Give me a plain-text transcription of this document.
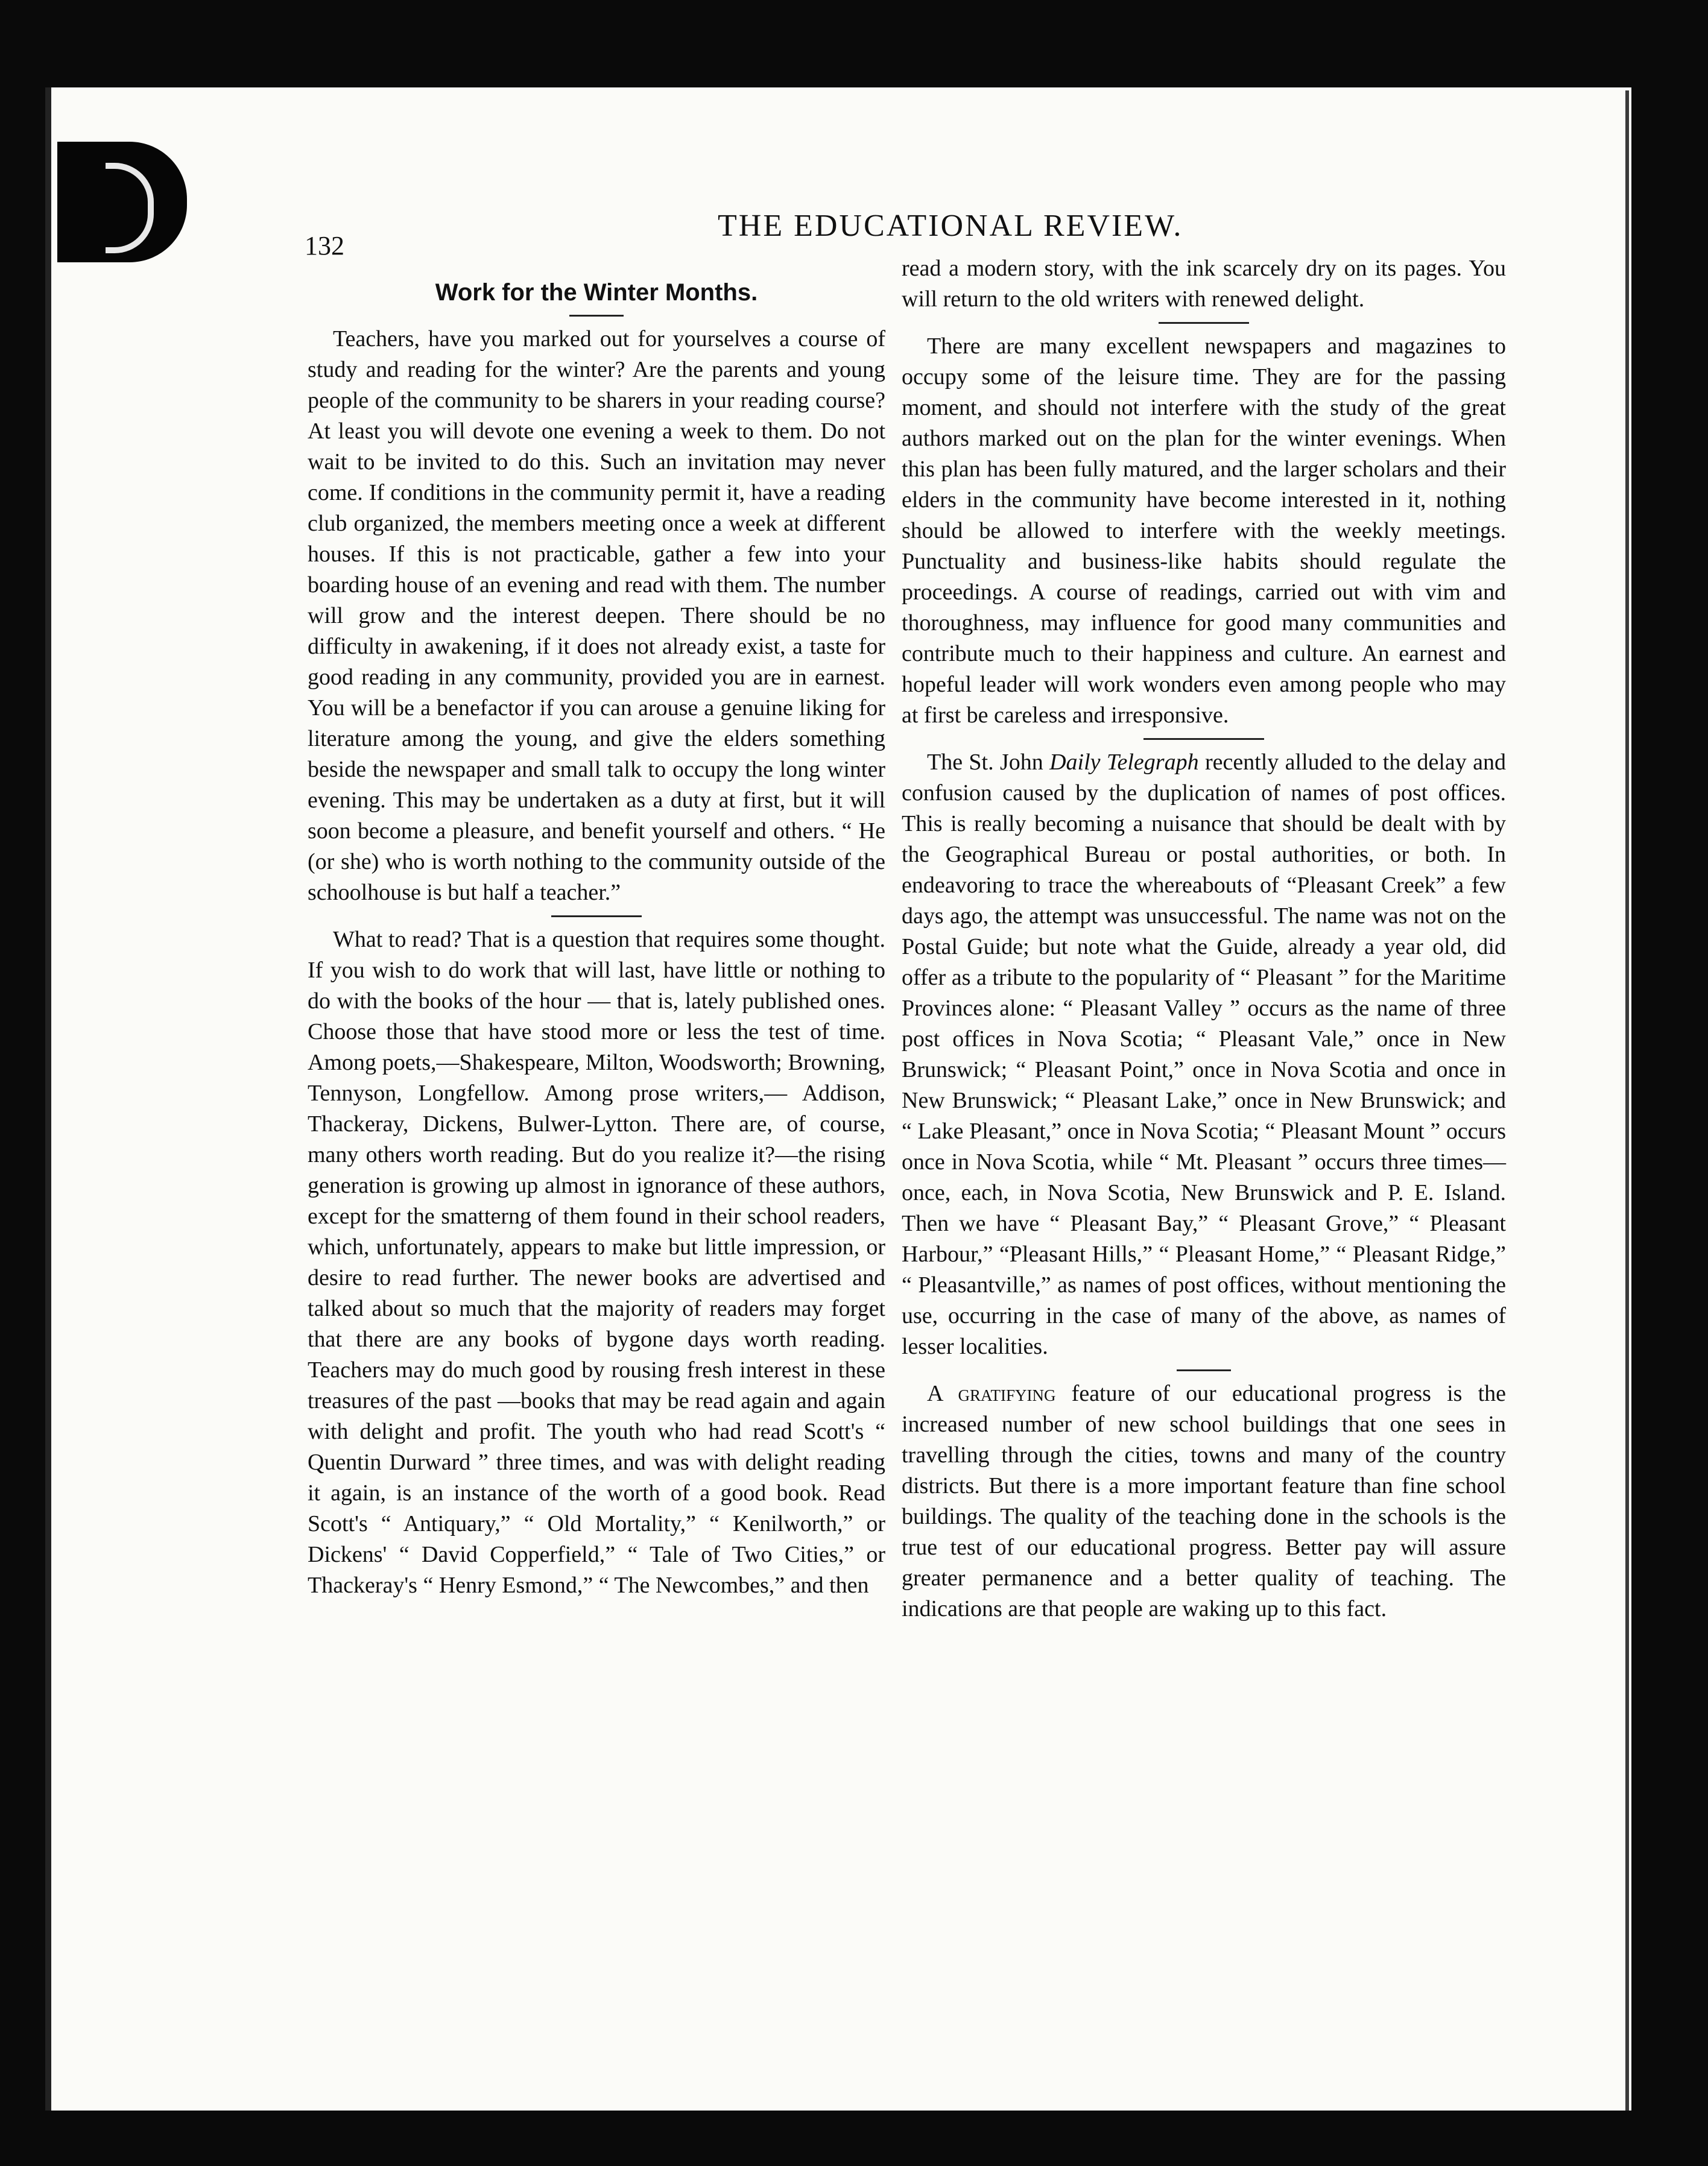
132

THE EDUCATIONAL REVIEW.

Work for the Winter Months.

Teachers, have you marked out for yourselves a course of study and reading for the winter? Are the parents and young people of the community to be sharers in your reading course? At least you will devote one evening a week to them. Do not wait to be invited to do this. Such an invitation may never come. If conditions in the community permit it, have a reading club organized, the members meeting once a week at different houses. If this is not practicable, gather a few into your boarding house of an evening and read with them. The number will grow and the interest deepen. There should be no difficulty in awakening, if it does not already exist, a taste for good reading in any community, provided you are in earnest. You will be a benefactor if you can arouse a genuine liking for literature among the young, and give the elders something beside the newspaper and small talk to occupy the long winter evening. This may be undertaken as a duty at first, but it will soon become a pleasure, and benefit yourself and others. “ He (or she) who is worth nothing to the community outside of the schoolhouse is but half a teacher.”

What to read? That is a question that requires some thought. If you wish to do work that will last, have little or nothing to do with the books of the hour — that is, lately published ones. Choose those that have stood more or less the test of time. Among poets,—Shakespeare, Milton, Woodsworth; Browning, Tennyson, Longfellow. Among prose writers,— Addison, Thackeray, Dickens, Bulwer-Lytton. There are, of course, many others worth reading. But do you realize it?—the rising generation is growing up almost in ignorance of these authors, except for the smatterng of them found in their school readers, which, unfortunately, appears to make but little impression, or desire to read further. The newer books are advertised and talked about so much that the majority of readers may forget that there are any books of bygone days worth reading. Teachers may do much good by rousing fresh interest in these treasures of the past —books that may be read again and again with delight and profit. The youth who had read Scott's “ Quentin Durward ” three times, and was with delight reading it again, is an instance of the worth of a good book. Read Scott's “ Antiquary,” “ Old Mortality,” “ Kenilworth,” or Dickens' “ David Copperfield,” “ Tale of Two Cities,” or Thackeray's “ Henry Esmond,” “ The Newcombes,” and then

read a modern story, with the ink scarcely dry on its pages. You will return to the old writers with renewed delight.

There are many excellent newspapers and magazines to occupy some of the leisure time. They are for the passing moment, and should not interfere with the study of the great authors marked out on the plan for the winter evenings. When this plan has been fully matured, and the larger scholars and their elders in the community have become interested in it, nothing should be allowed to interfere with the weekly meetings. Punctuality and business-like habits should regulate the proceedings. A course of readings, carried out with vim and thoroughness, may influence for good many communities and contribute much to their happiness and culture. An earnest and hopeful leader will work wonders even among people who may at first be careless and irresponsive.

The St. John Daily Telegraph recently alluded to the delay and confusion caused by the duplication of names of post offices. This is really becoming a nuisance that should be dealt with by the Geographical Bureau or postal authorities, or both. In endeavoring to trace the whereabouts of “Pleasant Creek” a few days ago, the attempt was unsuccessful. The name was not on the Postal Guide; but note what the Guide, already a year old, did offer as a tribute to the popularity of “ Pleasant ” for the Maritime Provinces alone: “ Pleasant Valley ” occurs as the name of three post offices in Nova Scotia; “ Pleasant Vale,” once in New Brunswick; “ Pleasant Point,” once in Nova Scotia and once in New Brunswick; “ Pleasant Lake,” once in New Brunswick; and “ Lake Pleasant,” once in Nova Scotia; “ Pleasant Mount ” occurs once in Nova Scotia, while “ Mt. Pleasant ” occurs three times—once, each, in Nova Scotia, New Brunswick and P. E. Island. Then we have “ Pleasant Bay,” “ Pleasant Grove,” “ Pleasant Harbour,” “Pleasant Hills,” “ Pleasant Home,” “ Pleasant Ridge,” “ Pleasantville,” as names of post offices, without mentioning the use, occurring in the case of many of the above, as names of lesser localities.

A gratifying feature of our educational progress is the increased number of new school buildings that one sees in travelling through the cities, towns and many of the country districts. But there is a more important feature than fine school buildings. The quality of the teaching done in the schools is the true test of our educational progress. Better pay will assure greater permanence and a better quality of teaching. The indications are that people are waking up to this fact.
